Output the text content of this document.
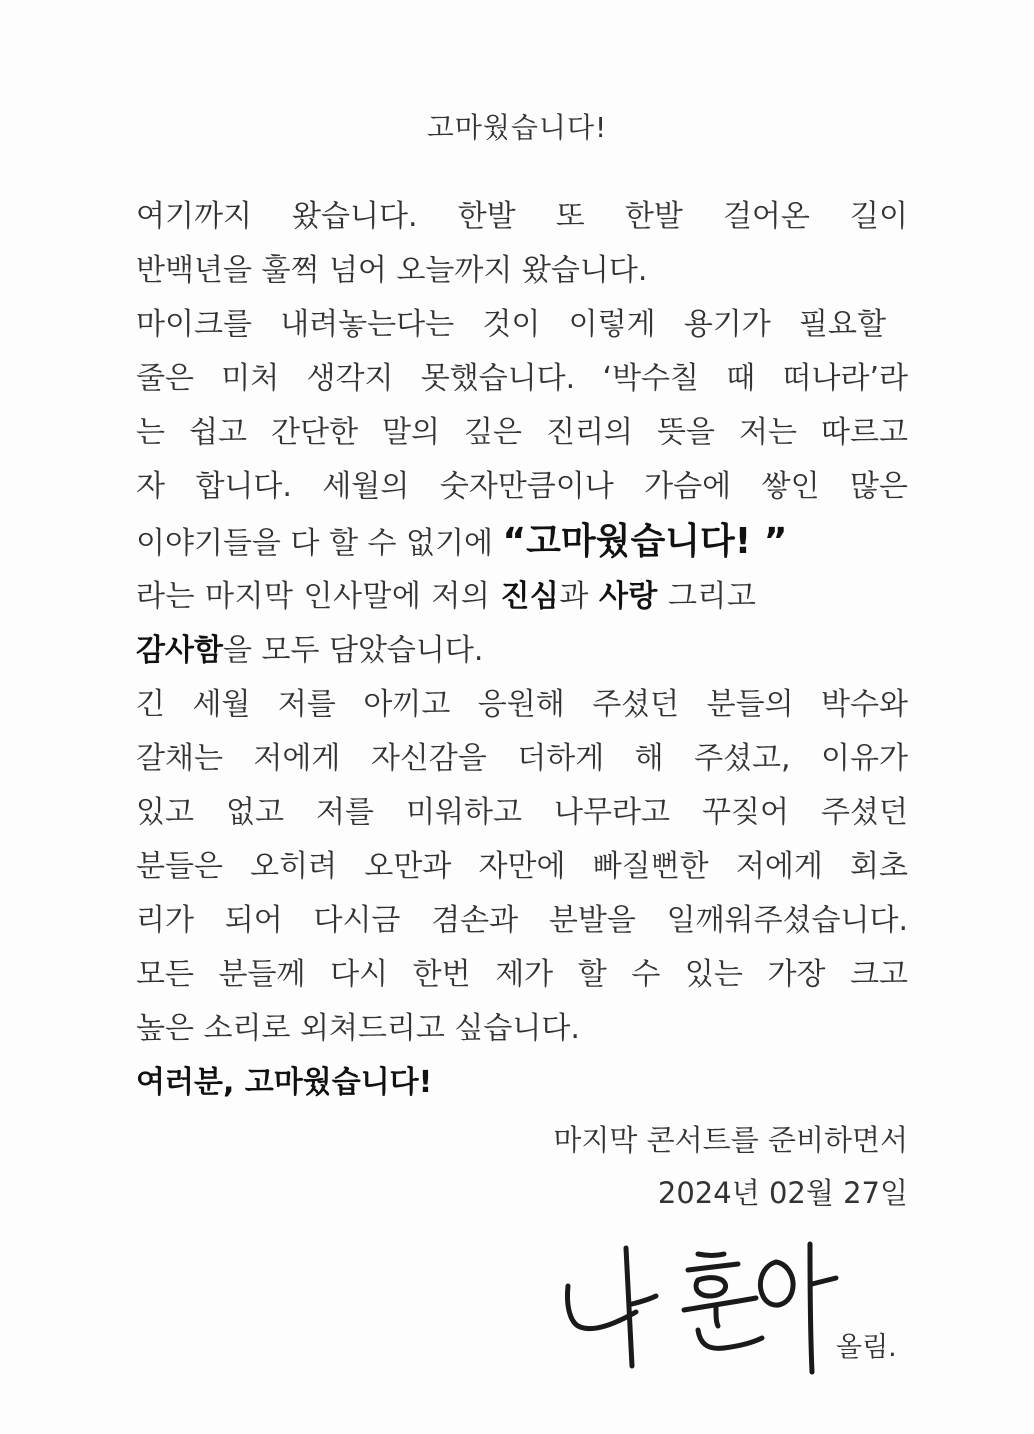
고마웠습니다!
여기까지 왔습니다. 한발 또 한발 걸어온 길이
반백년을 훌쩍 넘어 오늘까지 왔습니다.
마이크를 내려놓는다는 것이 이렇게 용기가 필요할
줄은 미처 생각지 못했습니다. ‘박수칠 때 떠나라’라
는 쉽고 간단한 말의 깊은 진리의 뜻을 저는 따르고
자 합니다. 세월의 숫자만큼이나 가슴에 쌓인 많은
이야기들을 다 할 수 없기에 “고마웠습니다! ”
라는 마지막 인사말에 저의 진심과 사랑 그리고
감사함을 모두 담았습니다.
긴 세월 저를 아끼고 응원해 주셨던 분들의 박수와
갈채는 저에게 자신감을 더하게 해 주셨고, 이유가
있고 없고 저를 미워하고 나무라고 꾸짖어 주셨던
분들은 오히려 오만과 자만에 빠질뻔한 저에게 회초
리가 되어 다시금 겸손과 분발을 일깨워주셨습니다.
모든 분들께 다시 한번 제가 할 수 있는 가장 크고
높은 소리로 외쳐드리고 싶습니다.
여러분, 고마웠습니다!
마지막 콘서트를 준비하면서
2024년 02월 27일
올림.
